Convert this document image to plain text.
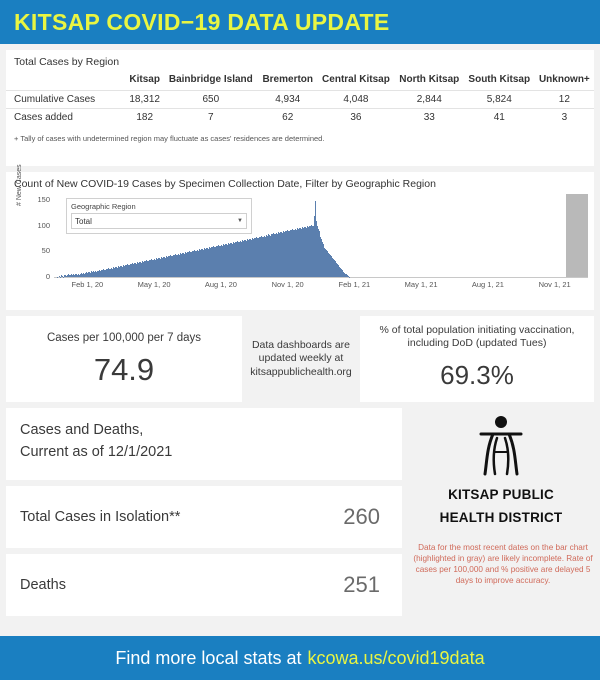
KITSAP COVID−19 DATA UPDATE
Total Cases by Region
	Kitsap	Bainbridge Island	Bremerton	Central Kitsap	North Kitsap	South Kitsap	Unknown+
Cumulative Cases	18,312	650	4,934	4,048	2,844	5,824	12
Cases added	182	7	62	36	33	41	3
+ Tally of cases with undetermined region may fluctuate as cases' residences are determined.
Count of New COVID-19 Cases by Specimen Collection Date, Filter by Geographic Region
# New Cases
0
50
100
150
Feb 1, 20	May 1, 20	Aug 1, 20	Nov 1, 20	Feb 1, 21	May 1, 21	Aug 1, 21	Nov 1, 21
Geographic Region
Total	▼
Cases per 100,000 per 7 days
74.9
Data dashboards are updated weekly at kitsappublichealth.org
% of total population initiating vaccination, including DoD (updated Tues)
69.3%
Cases and Deaths,
Current as of 12/1/2021
Total Cases in Isolation**	260
Deaths	251
KITSAP PUBLIC
HEALTH DISTRICT
Data for the most recent dates on the bar chart (highlighted in gray) are likely incomplete. Rate of cases per 100,000 and % positive are delayed 5 days to improve accuracy.
Find more local stats at kcowa.us/covid19data
